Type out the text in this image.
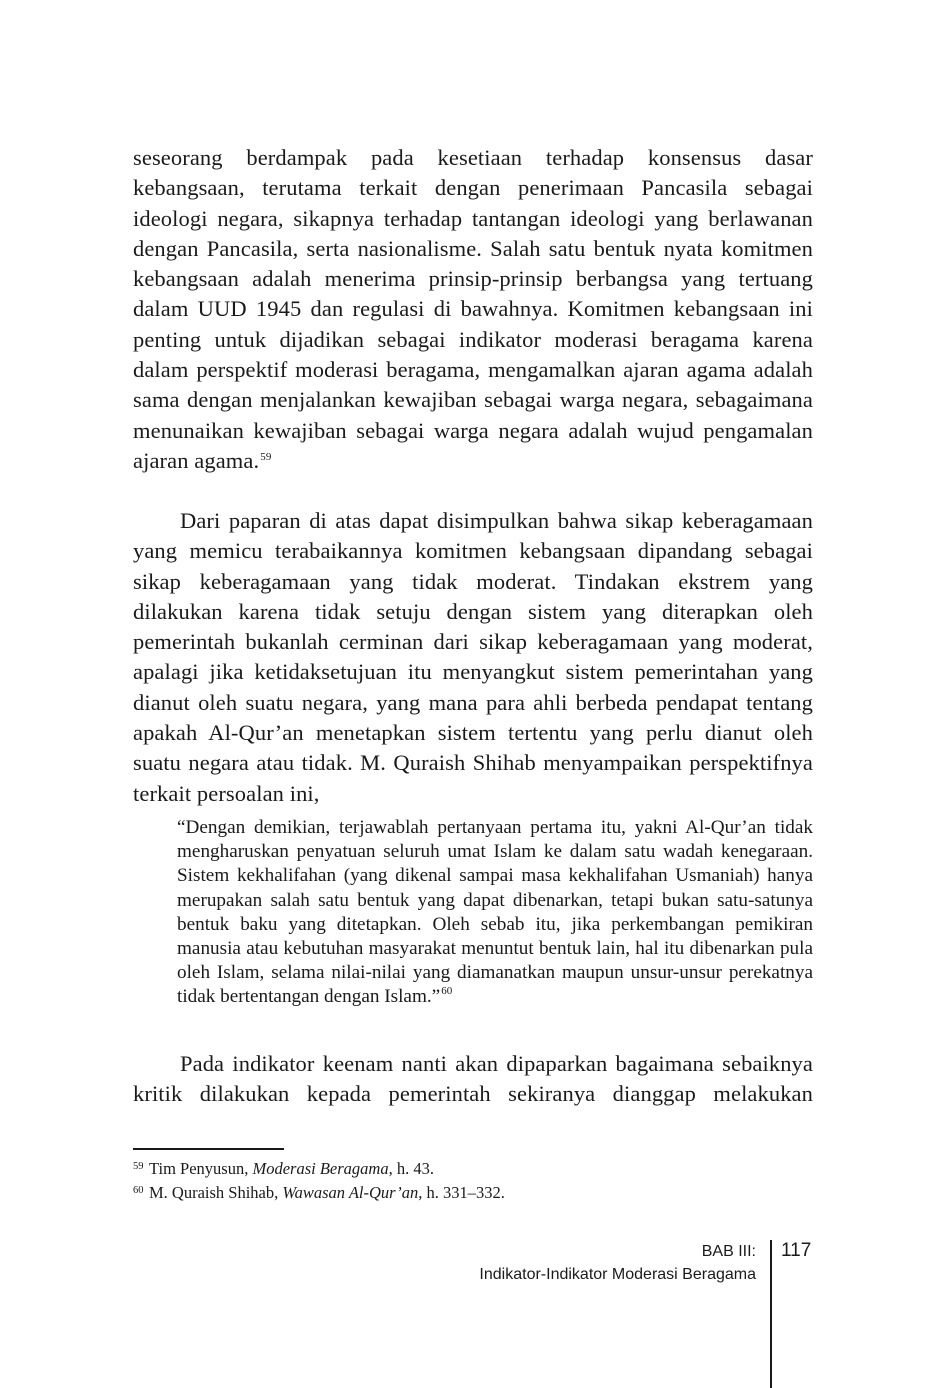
seseorang berdampak pada kesetiaan terhadap konsensus dasar kebangsaan, terutama terkait dengan penerimaan Pancasila sebagai ideologi negara, sikapnya terhadap tantangan ideologi yang berlawanan dengan Pancasila, serta nasionalisme. Salah satu bentuk nyata komitmen kebangsaan adalah menerima prinsip-prinsip berbangsa yang tertuang dalam UUD 1945 dan regulasi di bawahnya. Komitmen kebangsaan ini penting untuk dijadikan sebagai indikator moderasi beragama karena dalam perspektif moderasi beragama, mengamalkan ajaran agama adalah sama dengan menjalankan kewajiban sebagai warga negara, sebagaimana menunaikan kewajiban sebagai warga negara adalah wujud pengamalan ajaran agama.$^{59}$

Dari paparan di atas dapat disimpulkan bahwa sikap keberagamaan yang memicu terabaikannya komitmen kebangsaan dipandang sebagai sikap keberagamaan yang tidak moderat. Tindakan ekstrem yang dilakukan karena tidak setuju dengan sistem yang diterapkan oleh pemerintah bukanlah cerminan dari sikap keberagamaan yang moderat, apalagi jika ketidaksetujuan itu menyangkut sistem pemerintahan yang dianut oleh suatu negara, yang mana para ahli berbeda pendapat tentang apakah Al-Qur’an menetapkan sistem tertentu yang perlu dianut oleh suatu negara atau tidak. M. Quraish Shihab menyampaikan perspektifnya terkait persoalan ini,

“Dengan demikian, terjawablah pertanyaan pertama itu, yakni Al-Qur’an tidak mengharuskan penyatuan seluruh umat Islam ke dalam satu wadah kenegaraan. Sistem kekhalifahan (yang dikenal sampai masa kekhalifahan Usmaniah) hanya merupakan salah satu bentuk yang dapat dibenarkan, tetapi bukan satu-satunya bentuk baku yang ditetapkan. Oleh sebab itu, jika perkembangan pemikiran manusia atau kebutuhan masyarakat menuntut bentuk lain, hal itu dibenarkan pula oleh Islam, selama nilai-nilai yang diamanatkan maupun unsur-unsur perekatnya tidak bertentangan dengan Islam.”$^{60}$

Pada indikator keenam nanti akan dipaparkan bagaimana sebaiknya kritik dilakukan kepada pemerintah sekiranya dianggap melakukan

59 Tim Penyusun, Moderasi Beragama, h. 43.
60 M. Quraish Shihab, Wawasan Al-Qur’an, h. 331–332.
BAB III:
Indikator-Indikator Moderasi Beragama
117
